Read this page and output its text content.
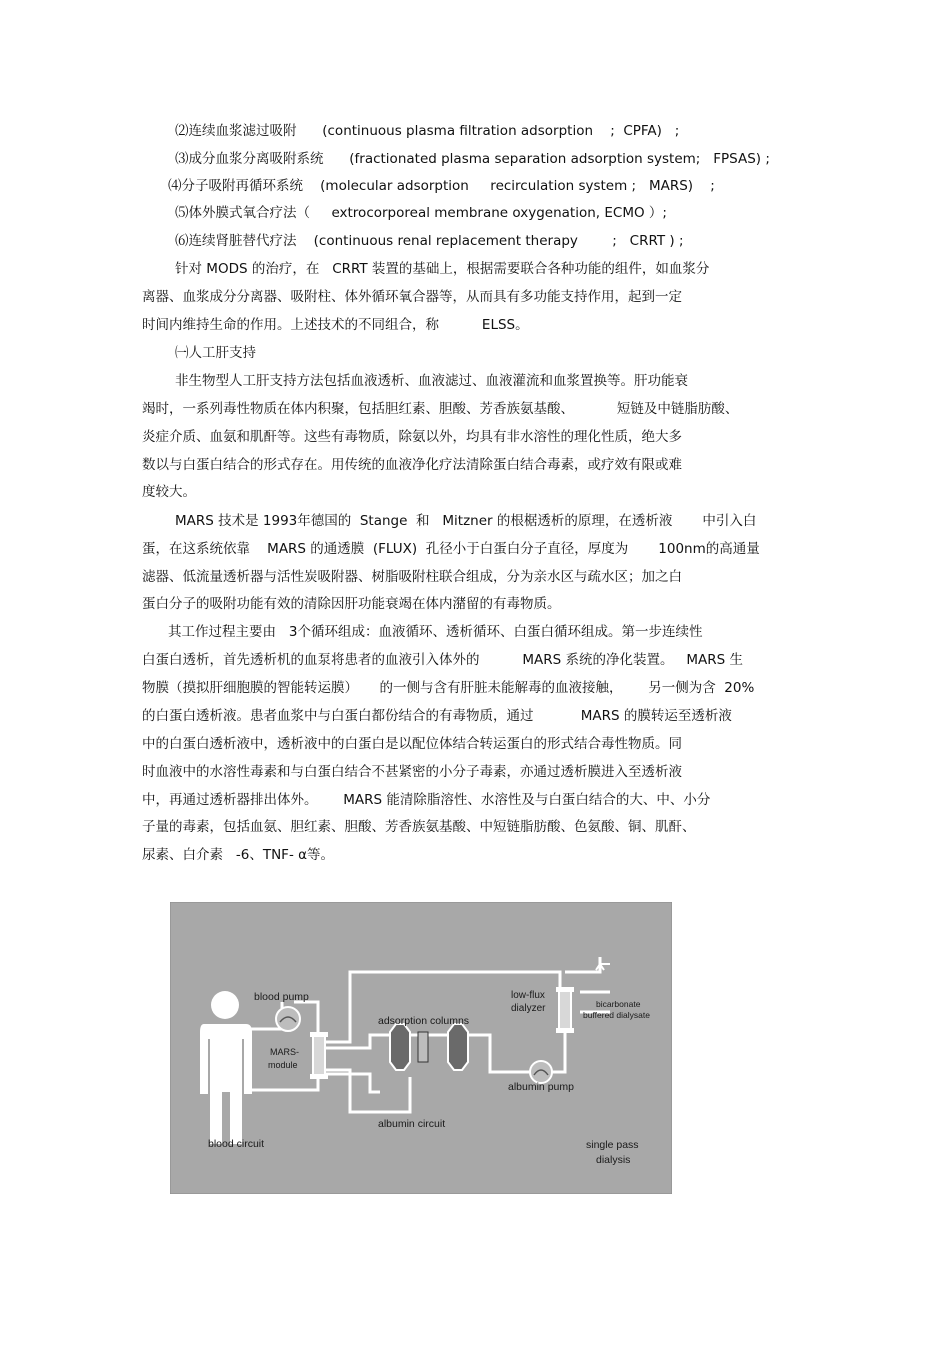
⑵连续血浆滤过吸附      (continuous plasma filtration adsorption    ;  CPFA)   ;
⑶成分血浆分离吸附系统      (fractionated plasma separation adsorption system;   FPSAS) ;
⑷分子吸附再循环系统    (molecular adsorption     recirculation system ;   MARS)    ;
⑸体外膜式氧合疗法（     extrocorporeal membrane oxygenation, ECMO ）;
⑹连续肾脏替代疗法    (continuous renal replacement therapy        ;   CRRT ) ;
针对 MODS 的治疗，在   CRRT 装置的基础上，根据需要联合各种功能的组件，如血浆分
离器、血浆成分分离器、吸附柱、体外循环氧合器等，从而具有多功能支持作用，起到一定
时间内维持生命的作用。上述技术的不同组合，称          ELSS。
㈠人工肝支持
非生物型人工肝支持方法包括血液透析、血液滤过、血液灌流和血浆置换等。肝功能衰
竭时，一系列毒性物质在体内积聚，包括胆红素、胆酸、芳香族氨基酸、          短链及中链脂肪酸、
炎症介质、血氨和肌酐等。这些有毒物质，除氨以外，均具有非水溶性的理化性质，绝大多
数以与白蛋白结合的形式存在。用传统的血液净化疗法清除蛋白结合毒素，或疗效有限或难
度较大。
MARS 技术是 1993年德国的  Stange  和   Mitzner 的根椐透析的原理，在透析液       中引入白
蛋，在这系统依靠    MARS 的通透膜  (FLUX)  孔径小于白蛋白分子直径，厚度为       100nm的高通量
滤器、低流量透析器与活性炭吸附器、树脂吸附柱联合组成，分为亲水区与疏水区；加之白
蛋白分子的吸附功能有效的清除因肝功能衰竭在体内潴留的有毒物质。
其工作过程主要由   3个循环组成：血液循环、透析循环、白蛋白循环组成。第一步连续性
白蛋白透析，首先透析机的血泵将患者的血液引入体外的          MARS 系统的净化装置。   MARS 生
物膜（摸拟肝细胞膜的智能转运膜）     的一侧与含有肝脏未能解毒的血液接触，      另一侧为含  20%
的白蛋白透析液。患者血浆中与白蛋白都份结合的有毒物质，通过           MARS 的膜转运至透析液
中的白蛋白透析液中，透析液中的白蛋白是以配位体结合转运蛋白的形式结合毒性物质。同
时血液中的水溶性毒素和与白蛋白结合不甚紧密的小分子毒素，亦通过透析膜进入至透析液
中，再通过透析器排出体外。      MARS 能清除脂溶性、水溶性及与白蛋白结合的大、中、小分
子量的毒素，包括血氨、胆红素、胆酸、芳香族氨基酸、中短链脂肪酸、色氨酸、铜、肌酐、
尿素、白介素   -6、TNF- α等。
blood pump
MARS-
module
adsorption columns
low-flux
dialyzer	bicarbonate
buffered dialysate
albumin pump
albumin circuit
blood circuit	single pass
dialysis
